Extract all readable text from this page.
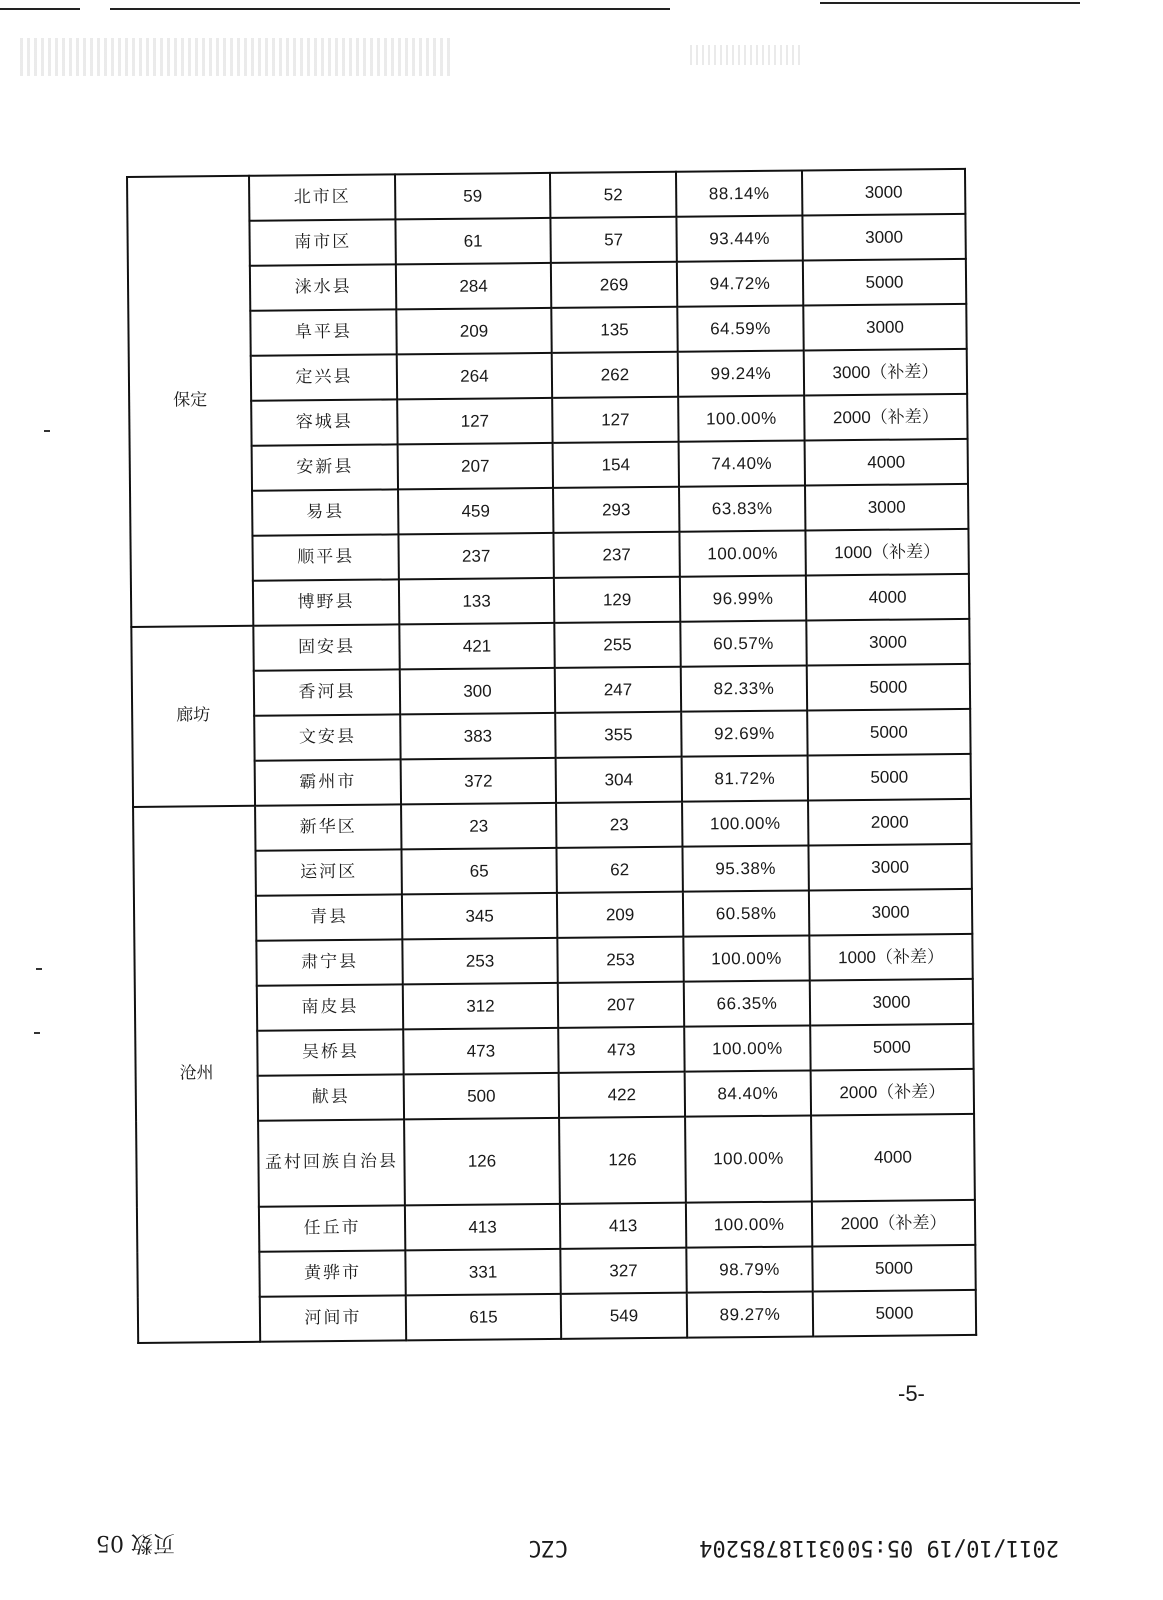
保定	北市区	59	52	88.14%	3000
	南市区	61	57	93.44%	3000
	涞水县	284	269	94.72%	5000
	阜平县	209	135	64.59%	3000
	定兴县	264	262	99.24%	3000（补差）
	容城县	127	127	100.00%	2000（补差）
	安新县	207	154	74.40%	4000
	易县	459	293	63.83%	3000
	顺平县	237	237	100.00%	1000（补差）
	博野县	133	129	96.99%	4000
廊坊	固安县	421	255	60.57%	3000
	香河县	300	247	82.33%	5000
	文安县	383	355	92.69%	5000
	霸州市	372	304	81.72%	5000
沧州	新华区	23	23	100.00%	2000
	运河区	65	62	95.38%	3000
	青县	345	209	60.58%	3000
	肃宁县	253	253	100.00%	1000（补差）
	南皮县	312	207	66.35%	3000
	吴桥县	473	473	100.00%	5000
	献县	500	422	84.40%	2000（补差）
	孟村回族自治县	126	126	100.00%	4000
	任丘市	413	413	100.00%	2000（补差）
	黄骅市	331	327	98.79%	5000
	河间市	615	549	89.27%	5000
-5-
2011/10/19 05:50
03118785204
CZC
页数 05
